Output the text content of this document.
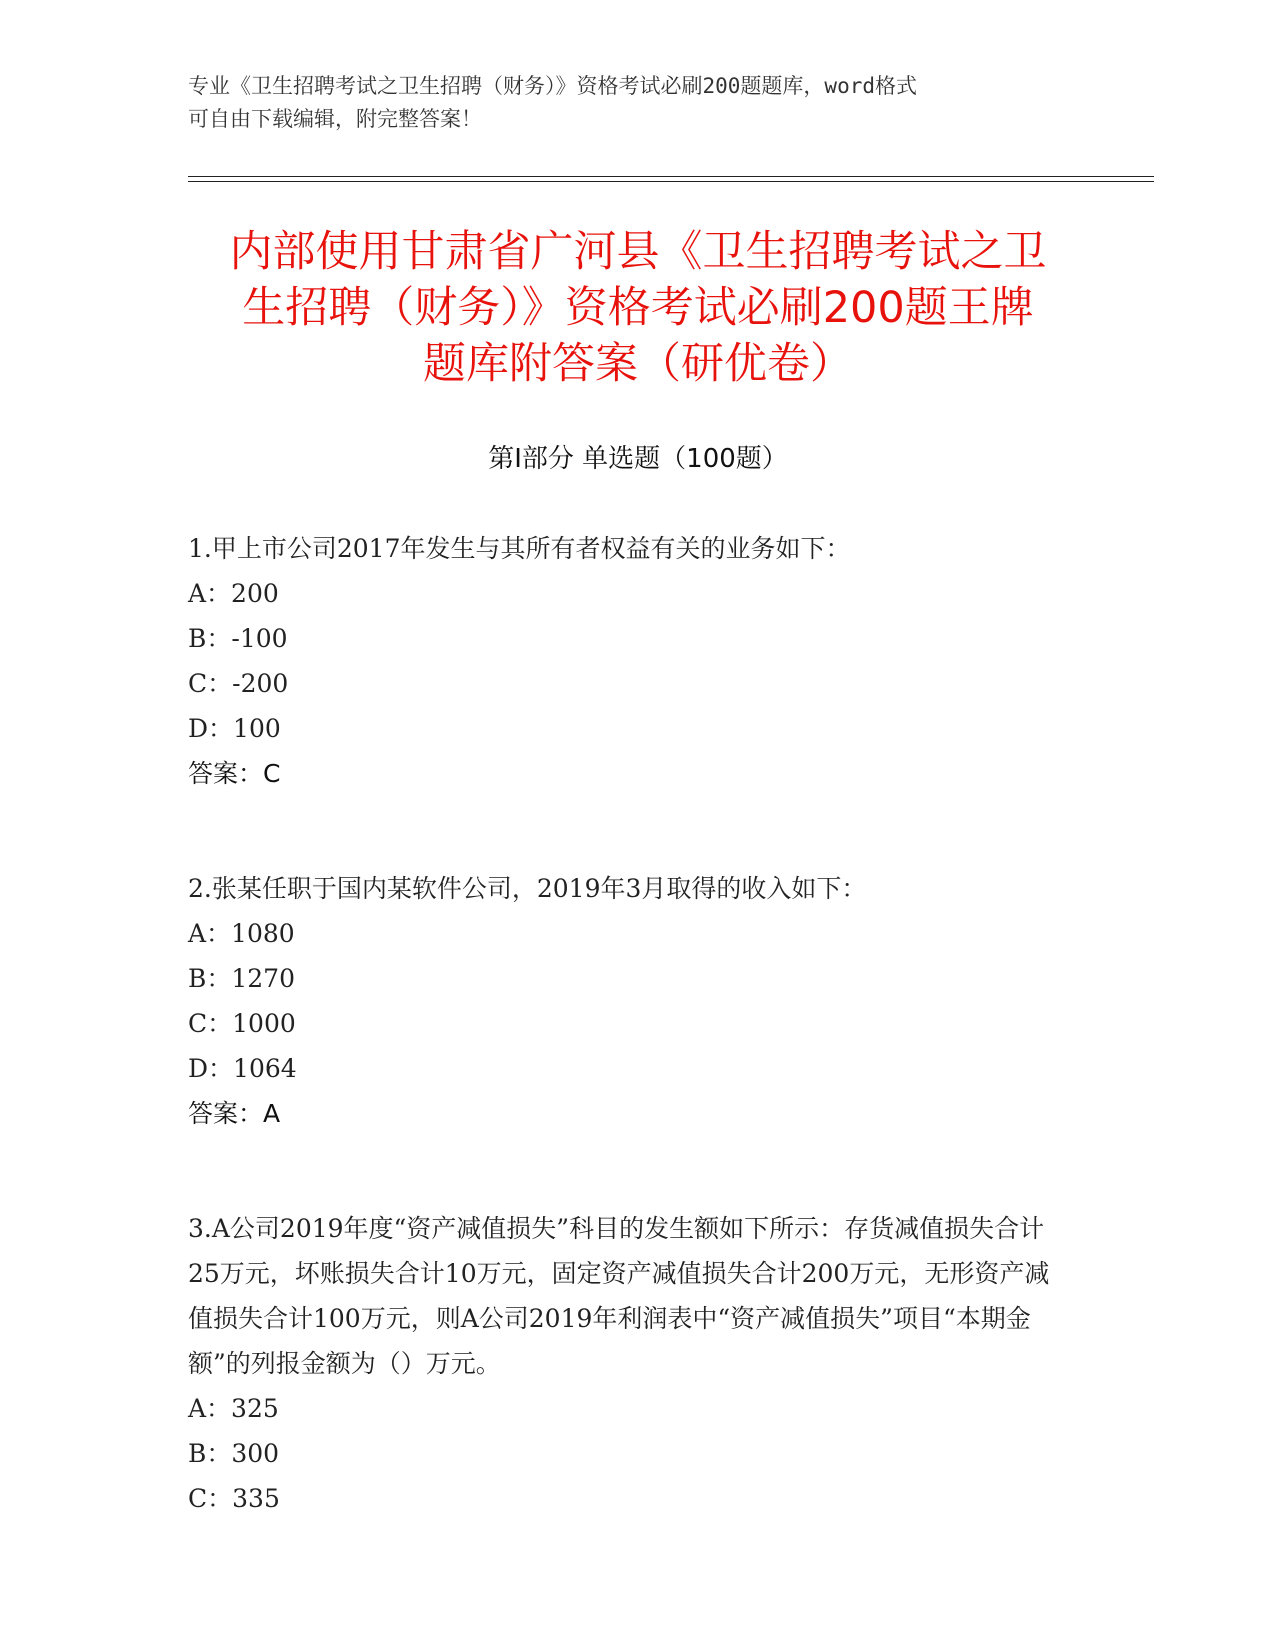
专业《卫生招聘考试之卫生招聘（财务）》资格考试必刷200题题库，word格式
可自由下载编辑，附完整答案！
内部使用甘肃省广河县《卫生招聘考试之卫
生招聘（财务）》资格考试必刷200题王牌
题库附答案（研优卷）
第Ⅰ部分 单选题（100题）

1.甲上市公司2017年发生与其所有者权益有关的业务如下：

A：200

B：-100

C：-200

D：100

答案：C

2.张某任职于国内某软件公司，2019年3月取得的收入如下：

A：1080

B：1270

C：1000

D：1064

答案：A

3.A公司2019年度“资产减值损失”科目的发生额如下所示：存货减值损失合计25万元，坏账损失合计10万元，固定资产减值损失合计200万元，无形资产减值损失合计100万元，则A公司2019年利润表中“资产减值损失”项目“本期金额”的列报金额为（）万元。

A：325

B：300

C：335
